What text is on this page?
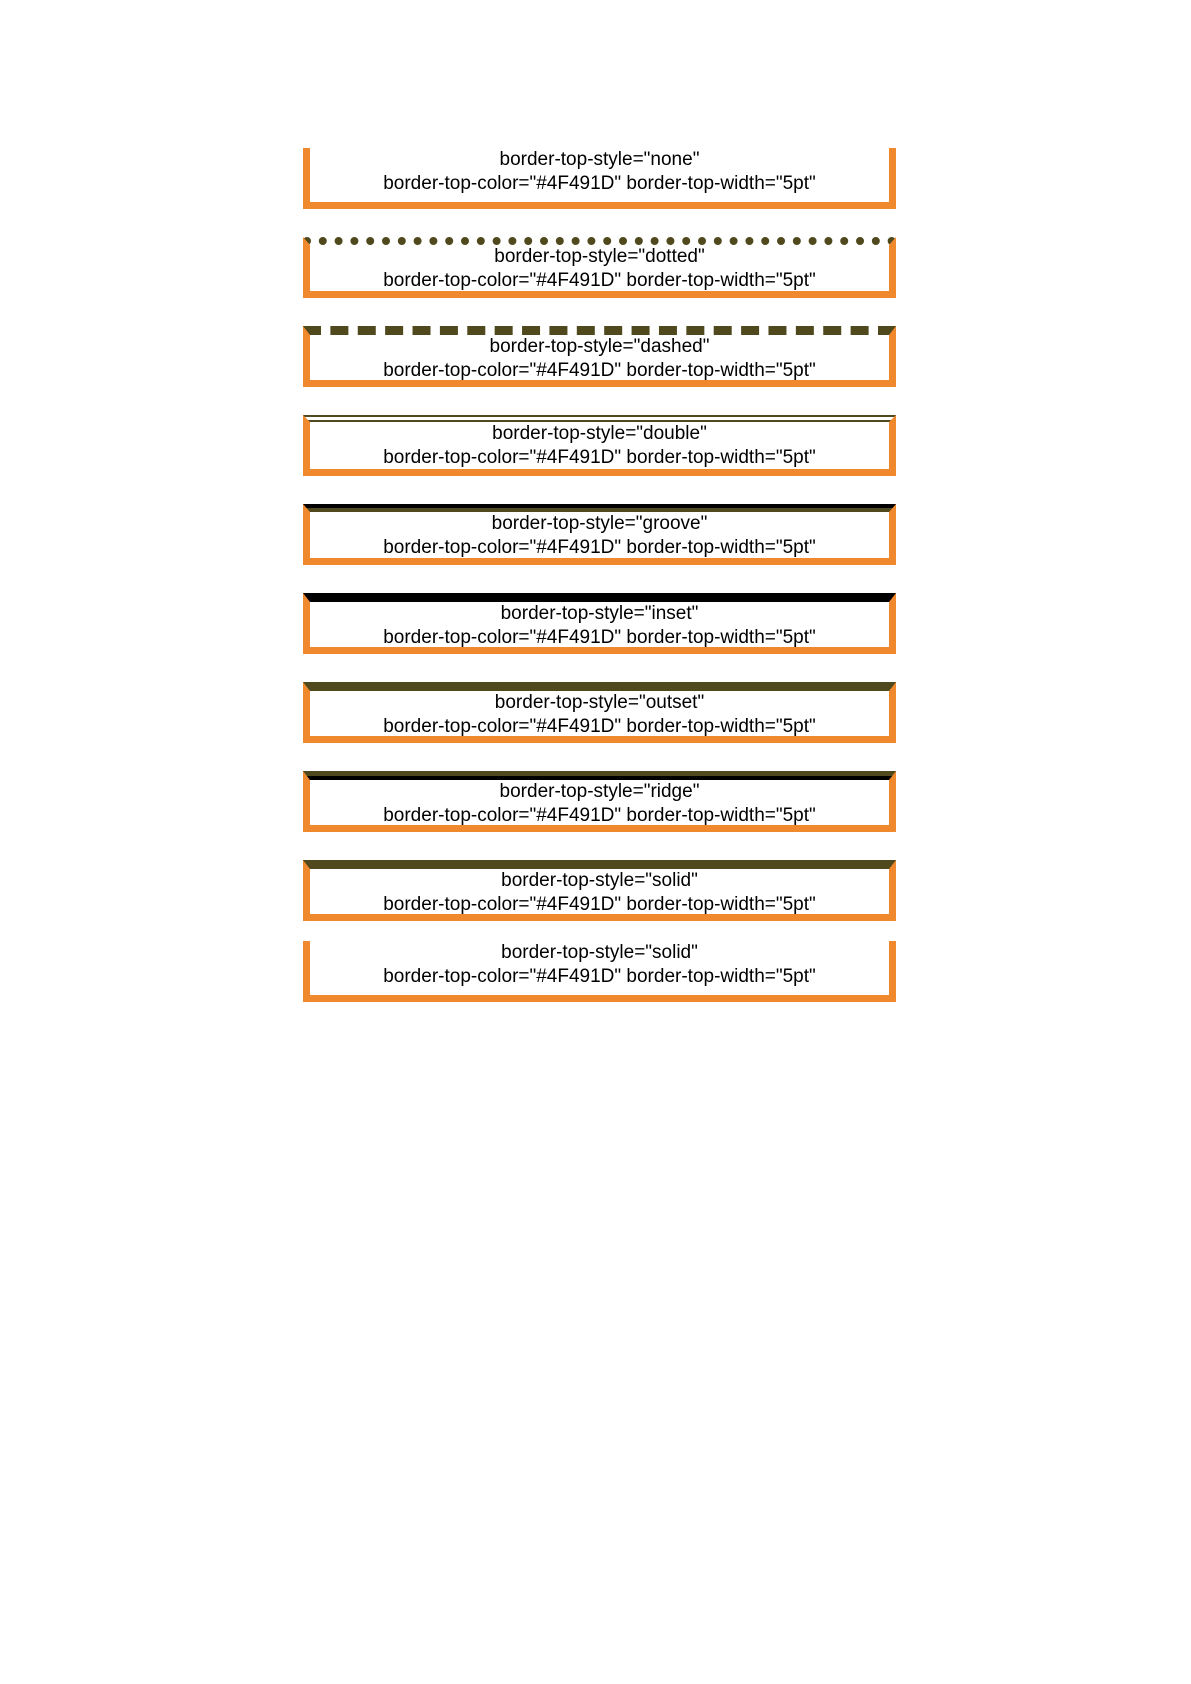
border-top-style="none"
border-top-color="#4F491D" border-top-width="5pt"
border-top-style="dotted"
border-top-color="#4F491D" border-top-width="5pt"
border-top-style="dashed"
border-top-color="#4F491D" border-top-width="5pt"
border-top-style="double"
border-top-color="#4F491D" border-top-width="5pt"
border-top-style="groove"
border-top-color="#4F491D" border-top-width="5pt"
border-top-style="inset"
border-top-color="#4F491D" border-top-width="5pt"
border-top-style="outset"
border-top-color="#4F491D" border-top-width="5pt"
border-top-style="ridge"
border-top-color="#4F491D" border-top-width="5pt"
border-top-style="solid"
border-top-color="#4F491D" border-top-width="5pt"
border-top-style="solid"
border-top-color="#4F491D" border-top-width="5pt"
